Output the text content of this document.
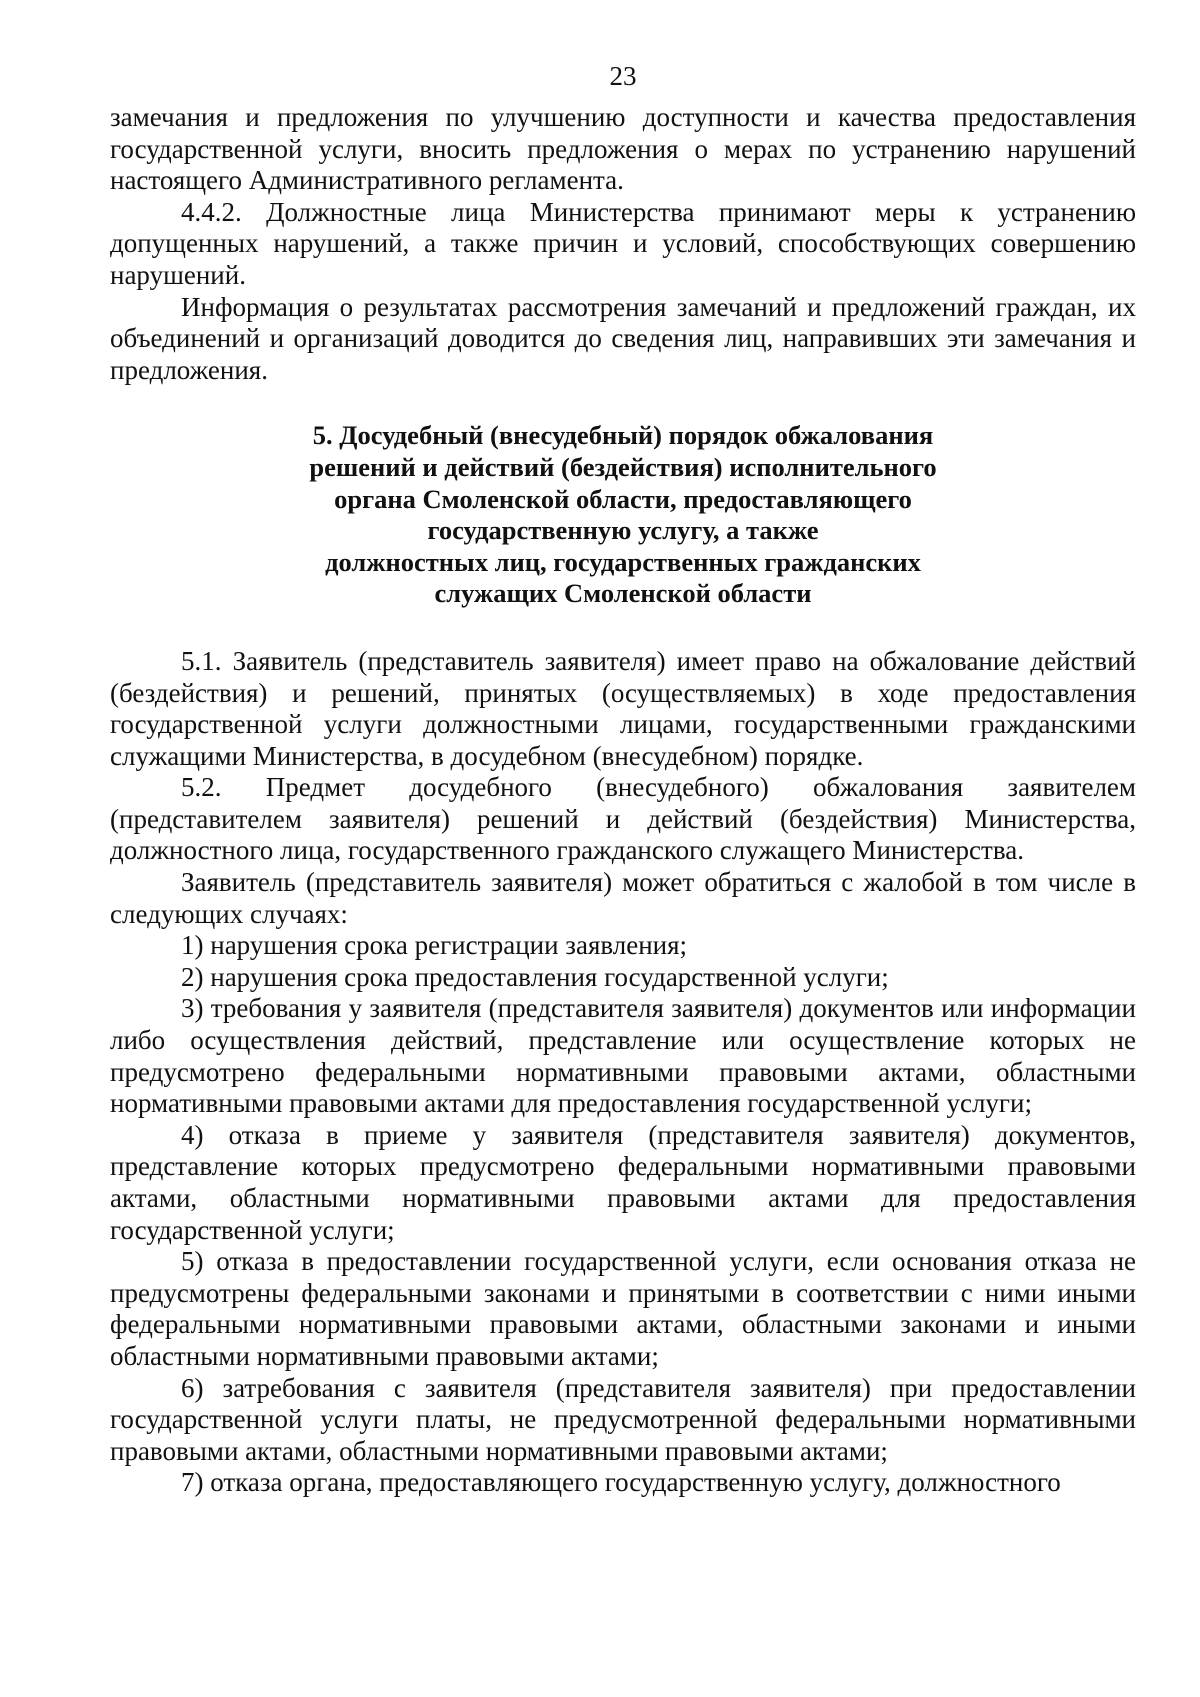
23

замечания и предложения по улучшению доступности и качества предоставления государственной услуги, вносить предложения о мерах по устранению нарушений настоящего Административного регламента.

4.4.2. Должностные лица Министерства принимают меры к устранению допущенных нарушений, а также причин и условий, способствующих совершению нарушений.

Информация о результатах рассмотрения замечаний и предложений граждан, их объединений и организаций доводится до сведения лиц, направивших эти замечания и предложения.

5. Досудебный (внесудебный) порядок обжалования
решений и действий (бездействия) исполнительного
органа Смоленской области, предоставляющего
государственную услугу, а также
должностных лиц, государственных гражданских
служащих Смоленской области

5.1. Заявитель (представитель заявителя) имеет право на обжалование действий (бездействия) и решений, принятых (осуществляемых) в ходе предоставления государственной услуги должностными лицами, государственными гражданскими служащими Министерства, в досудебном (внесудебном) порядке.

5.2. Предмет досудебного (внесудебного) обжалования заявителем (представителем заявителя) решений и действий (бездействия) Министерства, должностного лица, государственного гражданского служащего Министерства.

Заявитель (представитель заявителя) может обратиться с жалобой в том числе в следующих случаях:

1) нарушения срока регистрации заявления;

2) нарушения срока предоставления государственной услуги;

3) требования у заявителя (представителя заявителя) документов или информации либо осуществления действий, представление или осуществление которых не предусмотрено федеральными нормативными правовыми актами, областными нормативными правовыми актами для предоставления государственной услуги;

4) отказа в приеме у заявителя (представителя заявителя) документов, представление которых предусмотрено федеральными нормативными правовыми актами, областными нормативными правовыми актами для предоставления государственной услуги;

5) отказа в предоставлении государственной услуги, если основания отказа не предусмотрены федеральными законами и принятыми в соответствии с ними иными федеральными нормативными правовыми актами, областными законами и иными областными нормативными правовыми актами;

6) затребования с заявителя (представителя заявителя) при предоставлении государственной услуги платы, не предусмотренной федеральными нормативными правовыми актами, областными нормативными правовыми актами;

7) отказа органа, предоставляющего государственную услугу, должностного
